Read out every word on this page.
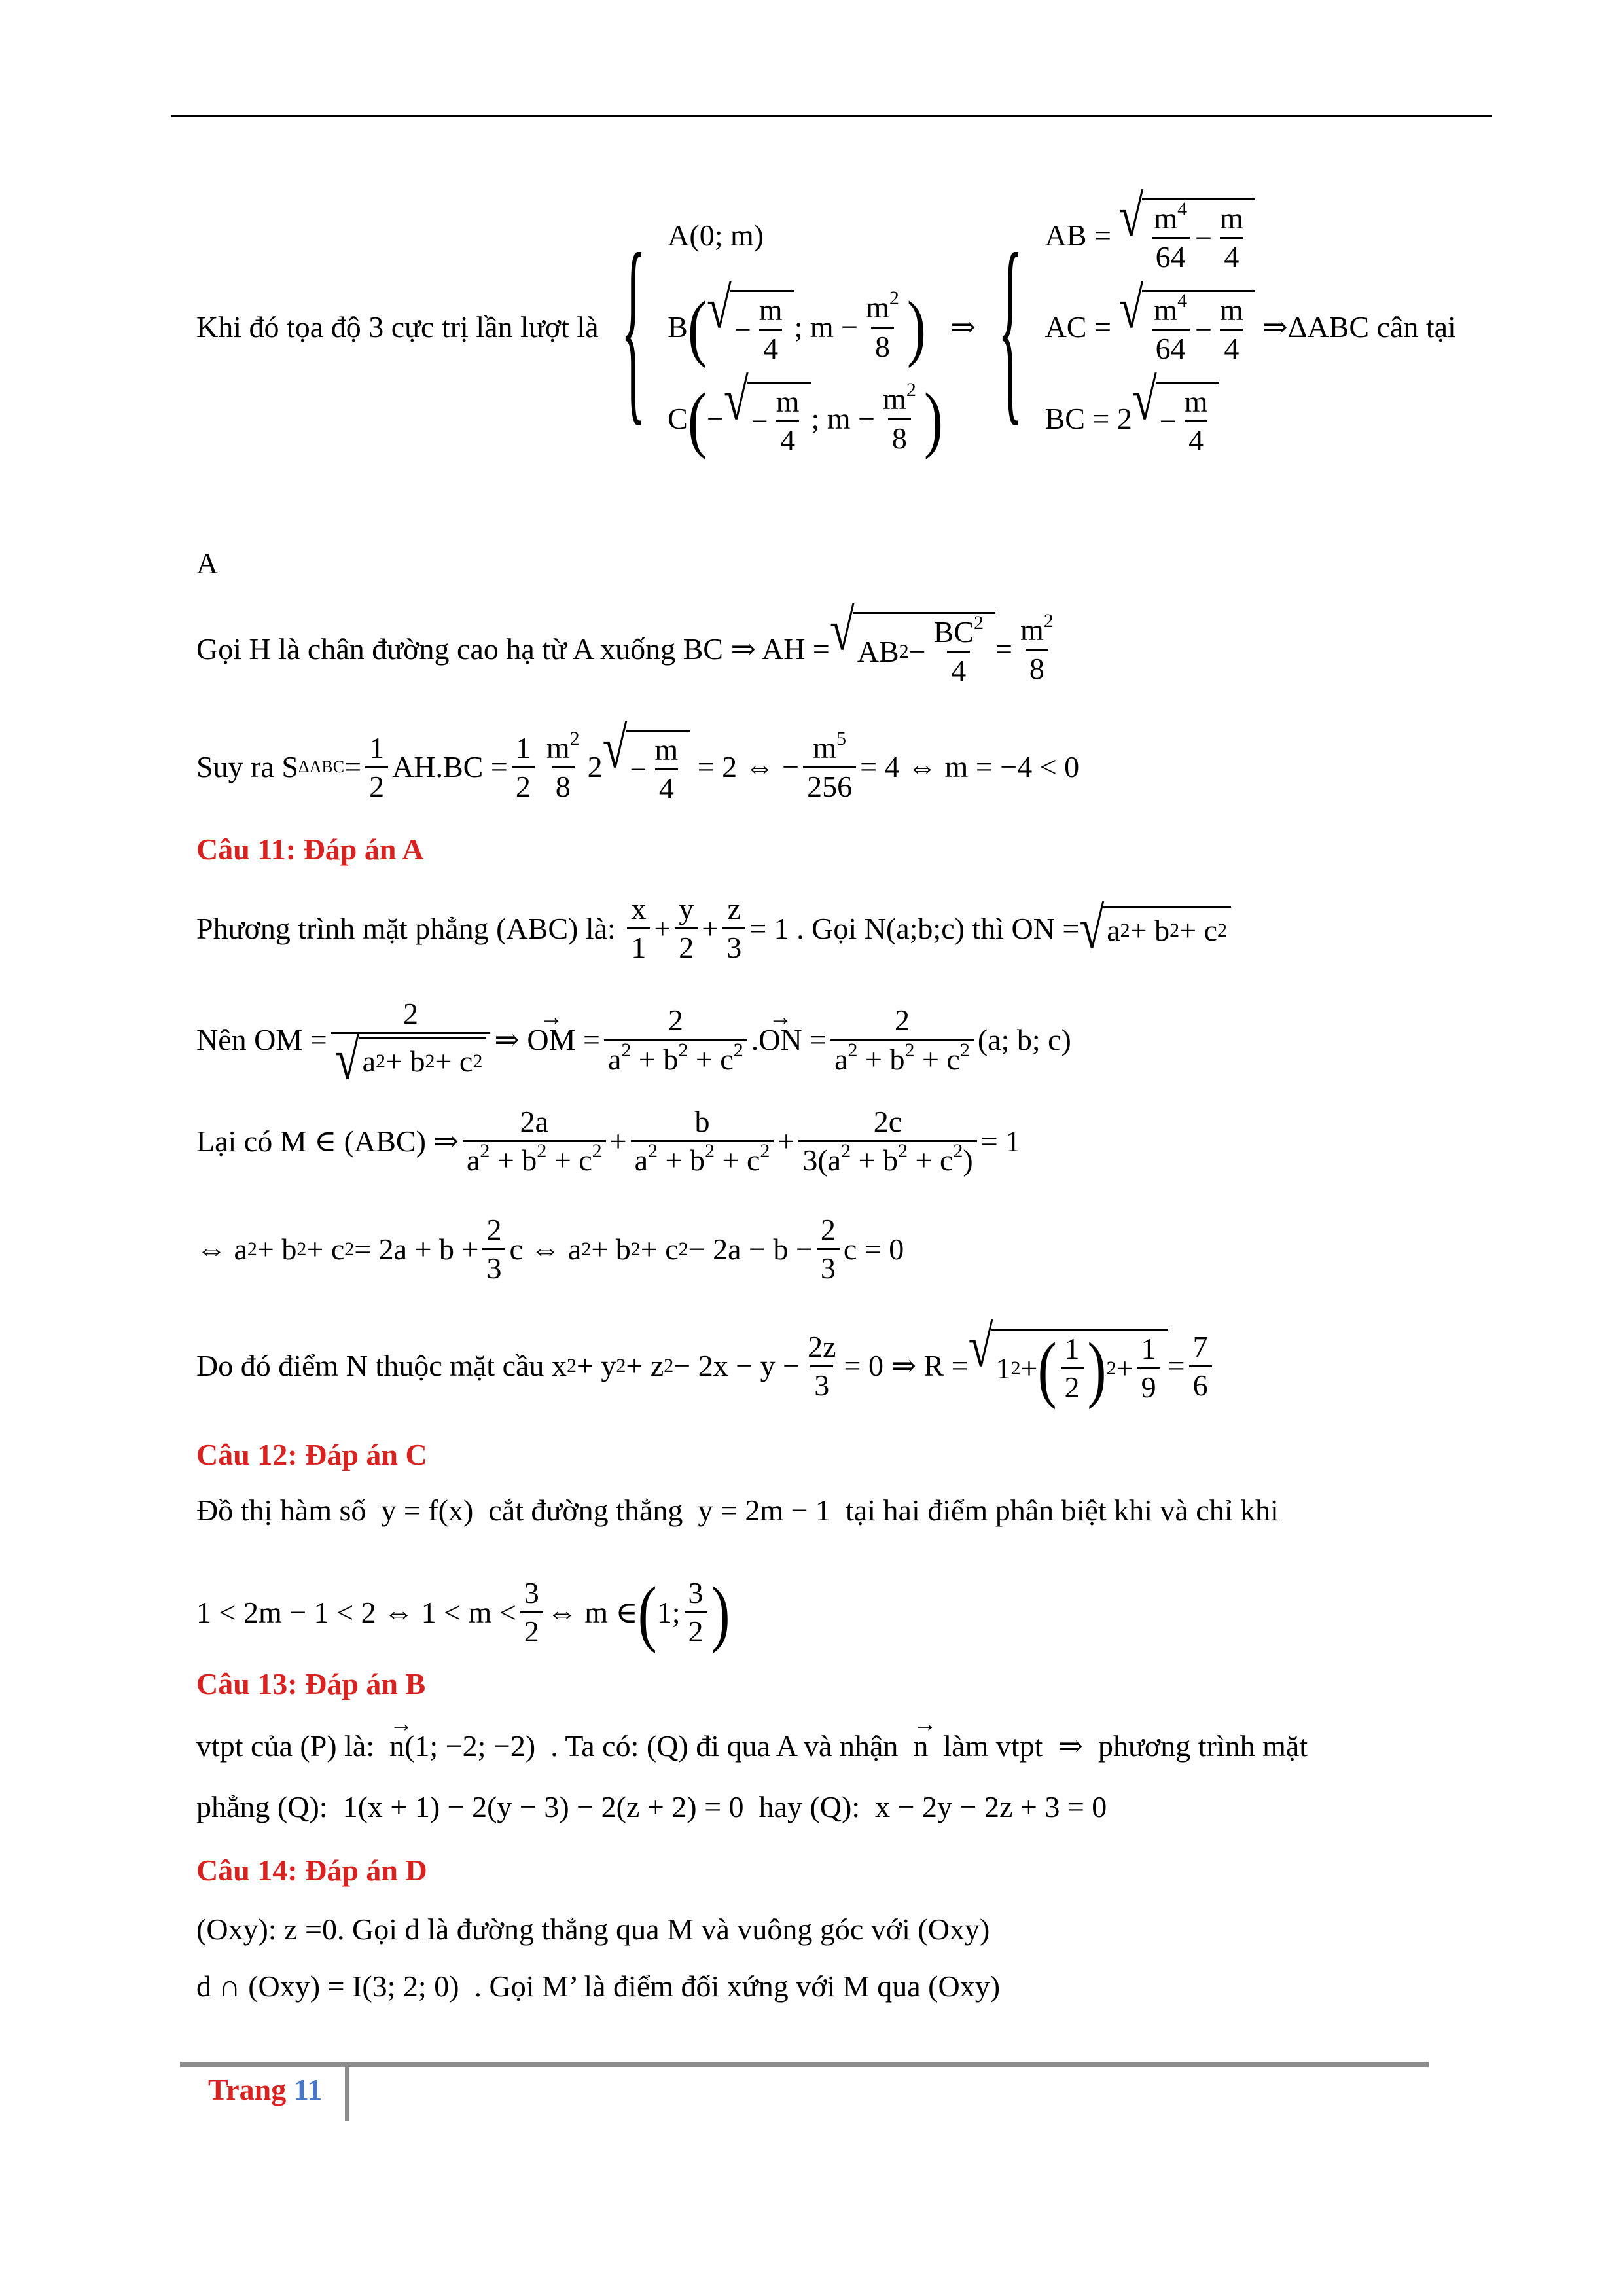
Khi đó tọa độ 3 cực trị lần lượt là { A(0; m)
B ( √ − $\frac{m}{4}$ ; $m - \frac{m^2}{8}$ )
C ( − √ − $\frac{m}{4}$ ; $m - \frac{m^2}{8}$ )
⇒ { AB =
√ $\frac{m^4}{64} - \frac{m}{4}$
AC =
√ $\frac{m^4}{64} - \frac{m}{4}$ ⇒ ΔABC cân tại
BC = 2 √ − $\frac{m}{4}$
A
Gọi H là chân đường cao hạ từ A xuống BC ⇒ AH = √ AB $2 - \frac{BC^2}{4} = \frac{m^2}{8}$
Suy ra S $\Delta ABC = \frac{1}{2} AH.BC = \frac{1}{2} \frac{m^2}{8} 2$ √ − $\frac{m}{4} = 2$ ⇔ − $\frac{m^5}{256} = 4$ ⇔ m = −4 < 0
Câu 11: Đáp án A
Phương trình mặt phẳng (ABC) là:
$\frac{x}{1} + \frac{y}{2} + \frac{z}{3} = 1$ . Gọi N(a;b;c) thì ON = √ a 2 + b 2 + c 2
Nên OM = $\frac{2}{√ a 2 + b 2 + c 2}$ ⇒ → OM = $\frac{2}{a^2 + b^2 + c^2}$ . → ON = $\frac{2}{a^2 + b^2 + c^2} (a$; b; c)
Lại có M ∈ (ABC) ⇒ $\frac{2a}{a^2 + b^2 + c^2} + \frac{b}{a^2 + b^2 + c^2} + \frac{2c}{3(a^2 + b^2 + c^2)} = 1$
⇔ a 2 + b 2 + c $2 = 2a + b + \frac{2}{3}$ c ⇔ a 2 + b 2 + c $2 - 2a - b - \frac{2}{3}$ c = 0
Do đó điểm N thuộc mặt cầu x 2 + y 2 + z $2 - 2x - y - \frac{2z}{3} = 0$ ⇒ R = √ 1 2 + ( $\frac{1}{2}$ ) $2 + \frac{1}{9} = \frac{7}{6}$
Câu 12: Đáp án C
Đồ thị hàm số  y = f(x)  cắt đường thẳng  y = 2m − 1  tại hai điểm phân biệt khi và chỉ khi
1 < 2m − 1 < 2 ⇔ $1 < m < \frac{3}{2}$ ⇔ m ∈ ( 1; $\frac{3}{2}$ )
Câu 13: Đáp án B
vtpt của (P) là: → n(1; −2; −2)  . Ta có: (Q) đi qua A và nhận → n làm vtpt  ⇒  phương trình mặt
phẳng (Q):  1(x + 1) − 2(y − 3) − 2(z + 2) = 0  hay (Q):  x − 2y − 2z + 3 = 0
Câu 14: Đáp án D
(Oxy): z =0. Gọi d là đường thẳng qua M và vuông góc với (Oxy)
d ∩ (Oxy) = I(3; 2; 0)  . Gọi M’ là điểm đối xứng với M qua (Oxy)
Trang 11
